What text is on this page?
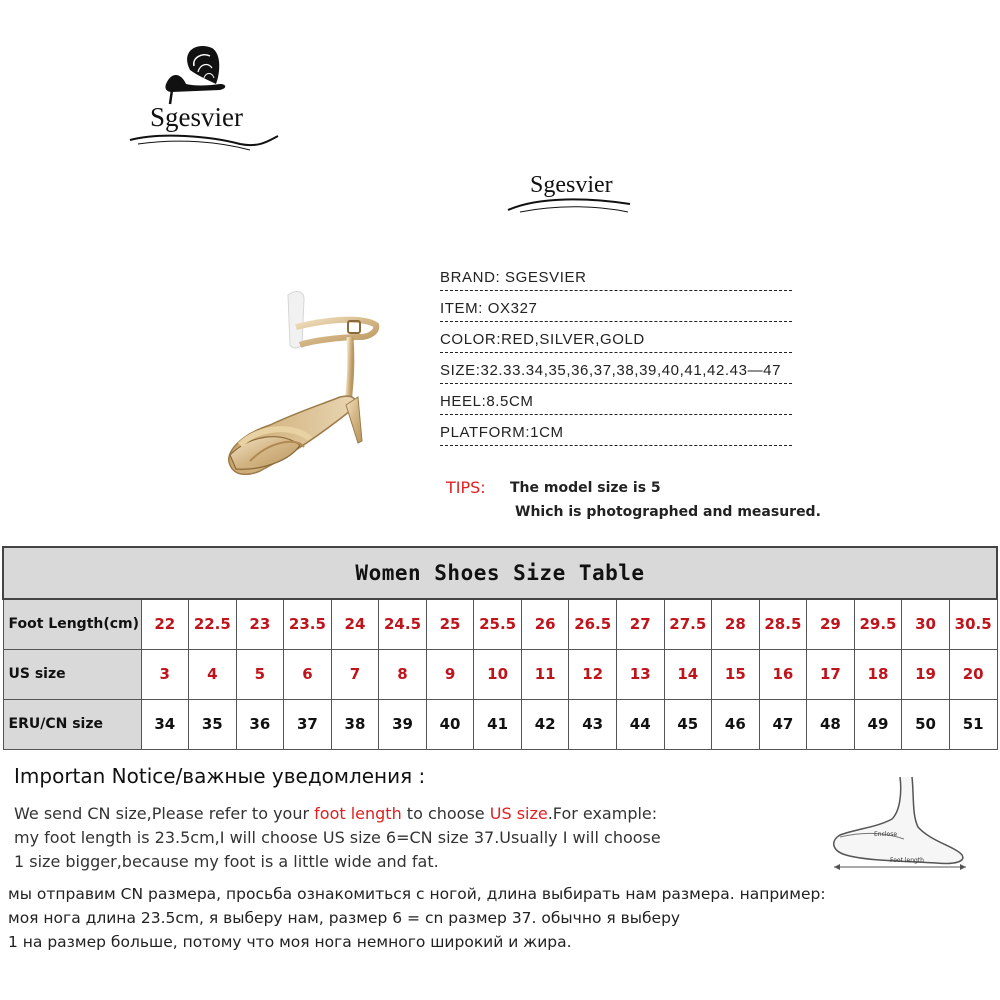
Sgesvier
Sgesvier
BRAND: SGESVIER
ITEM: OX327
COLOR:RED,SILVER,GOLD
SIZE:32.33.34,35,36,37,38,39,40,41,42.43—47
HEEL:8.5CM
PLATFORM:1CM
TIPS: The model size is 5
Which is photographed and measured.
Women Shoes Size Table																		
Foot Length(cm)	22	22.5	23	23.5	24	24.5	25	25.5	26	26.5	27	27.5	28	28.5	29	29.5	30	30.5
US size	3	4	5	6	7	8	9	10	11	12	13	14	15	16	17	18	19	20
ERU/CN size	34	35	36	37	38	39	40	41	42	43	44	45	46	47	48	49	50	51
Importan Notice/важные уведомления :
We send CN size,Please refer to your foot length to choose US size.For example:
my foot length is 23.5cm,I will choose US size 6=CN size 37.Usually I will choose
1 size bigger,because my foot is a little wide and fat.
мы отправим CN размера, просьба ознакомиться с ногой, длина выбирать нам размера. например:
моя нога длина 23.5cm, я выберу нам, размер 6 = cn размер 37. обычно я выберу
1 на размер больше, потому что моя нога немного широкий и жира.
Enclose
Foot length
